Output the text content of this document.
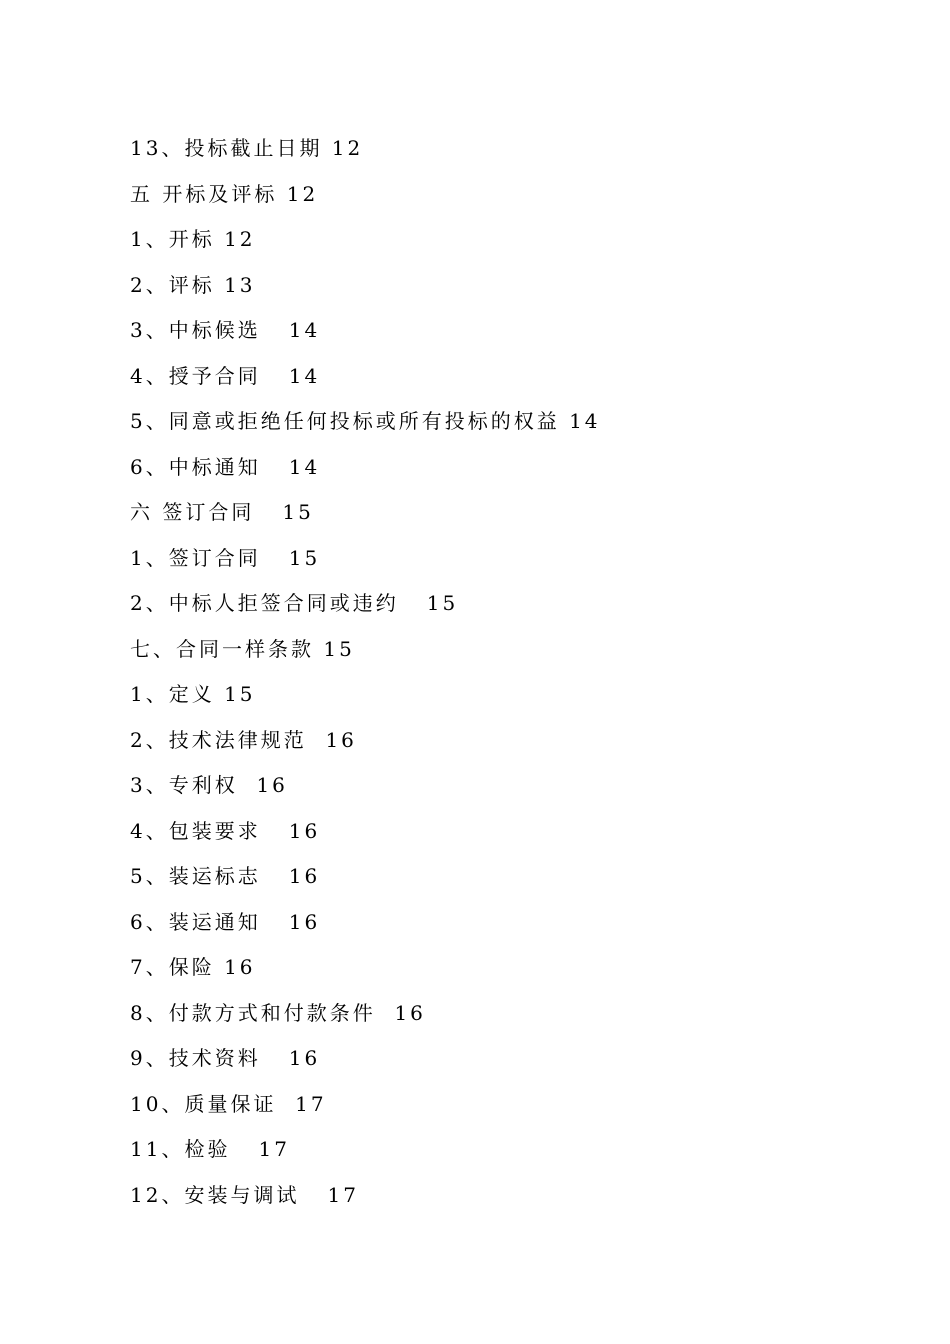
13、投标截止日期 12
五 开标及评标 12
1、开标 12
2、评标 13
3、中标候选   14
4、授予合同   14
5、同意或拒绝任何投标或所有投标的权益 14
6、中标通知   14
六 签订合同   15
1、签订合同   15
2、中标人拒签合同或违约   15
七、合同一样条款 15
1、定义 15
2、技术法律规范  16
3、专利权  16
4、包装要求   16
5、装运标志   16
6、装运通知   16
7、保险 16
8、付款方式和付款条件  16
9、技术资料   16
10、质量保证  17
11、检验   17
12、安装与调试   17
